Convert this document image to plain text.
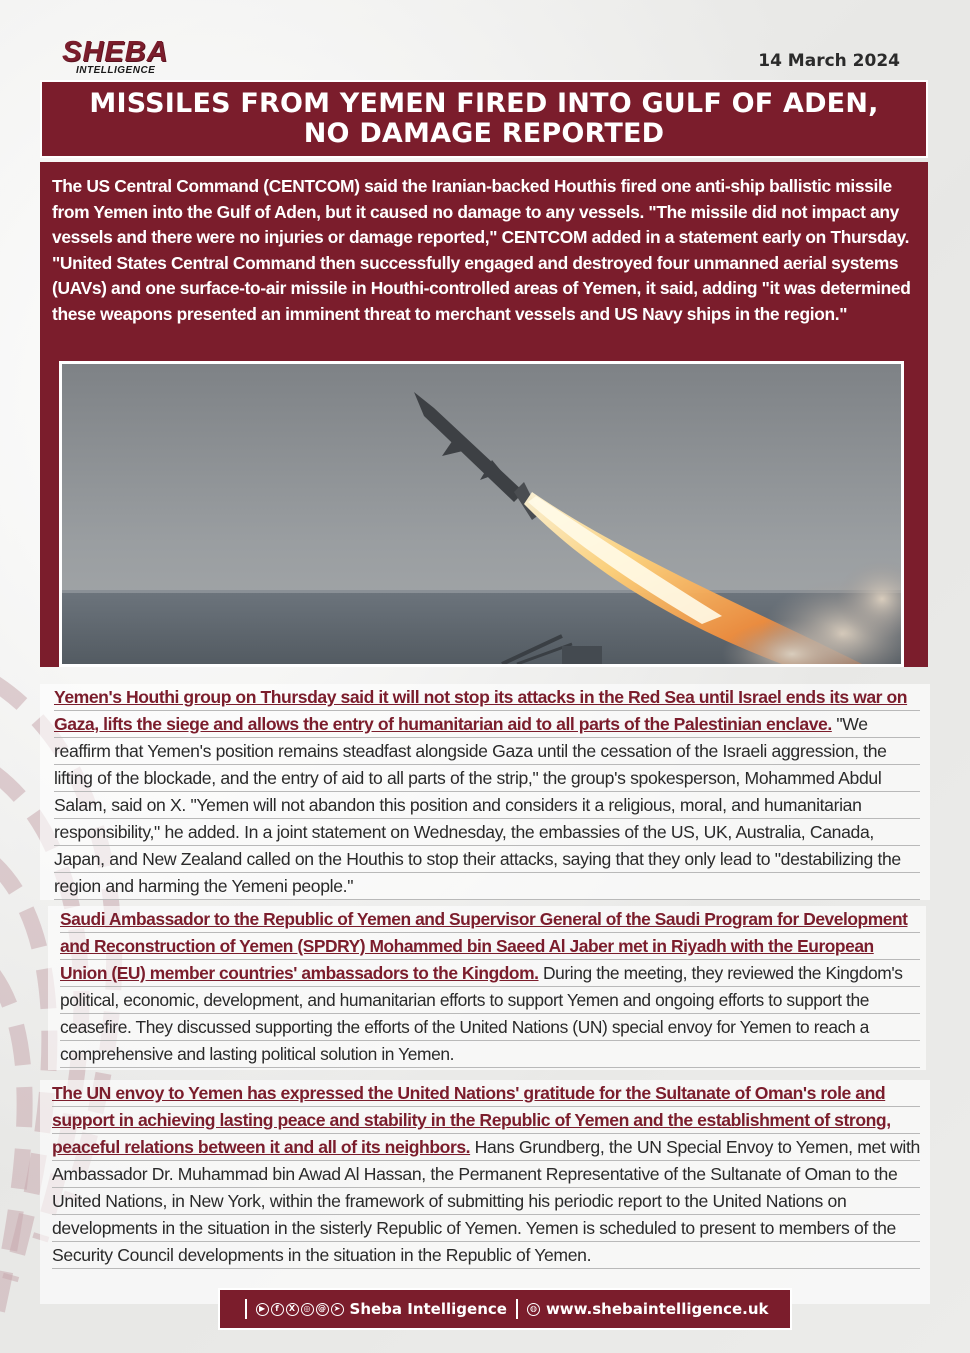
SHEBA
INTELLIGENCE	14 March 2024
MISSILES FROM YEMEN FIRED INTO GULF OF ADEN, NO DAMAGE REPORTED

The US Central Command (CENTCOM) said the Iranian-backed Houthis fired one anti-ship ballistic missile from Yemen into the Gulf of Aden, but it caused no damage to any vessels. "The missile did not impact any vessels and there were no injuries or damage reported," CENTCOM added in a statement early on Thursday. "United States Central Command then successfully engaged and destroyed four unmanned aerial systems (UAVs) and one surface-to-air missile in Houthi-controlled areas of Yemen, it said, adding "it was determined these weapons presented an imminent threat to merchant vessels and US Navy ships in the region."

Yemen's Houthi group on Thursday said it will not stop its attacks in the Red Sea until Israel ends its war on Gaza, lifts the siege and allows the entry of humanitarian aid to all parts of the Palestinian enclave. "We reaffirm that Yemen's position remains steadfast alongside Gaza until the cessation of the Israeli aggression, the lifting of the blockade, and the entry of aid to all parts of the strip," the group's spokesperson, Mohammed Abdul Salam, said on X. "Yemen will not abandon this position and considers it a religious, moral, and humanitarian responsibility," he added. In a joint statement on Wednesday, the embassies of the US, UK, Australia, Canada, Japan, and New Zealand called on the Houthis to stop their attacks, saying that they only lead to "destabilizing the region and harming the Yemeni people."

Saudi Ambassador to the Republic of Yemen and Supervisor General of the Saudi Program for Development and Reconstruction of Yemen (SPDRY) Mohammed bin Saeed Al Jaber met in Riyadh with the European Union (EU) member countries' ambassadors to the Kingdom. During the meeting, they reviewed the Kingdom's political, economic, development, and humanitarian efforts to support Yemen and ongoing efforts to support the ceasefire. They discussed supporting the efforts of the United Nations (UN) special envoy for Yemen to reach a comprehensive and lasting political solution in Yemen.

The UN envoy to Yemen has expressed the United Nations' gratitude for the Sultanate of Oman's role and support in achieving lasting peace and stability in the Republic of Yemen and the establishment of strong, peaceful relations between it and all of its neighbors. Hans Grundberg, the UN Special Envoy to Yemen, met with Ambassador Dr. Muhammad bin Awad Al Hassan, the Permanent Representative of the Sultanate of Oman to the United Nations, in New York, within the framework of submitting his periodic report to the United Nations on developments in the situation in the sisterly Republic of Yemen. Yemen is scheduled to present to members of the Security Council developments in the situation in the Republic of Yemen.

▶	f	X	◎ @ ➤ Sheba Intelligence	◍ www.shebaintelligence.uk
